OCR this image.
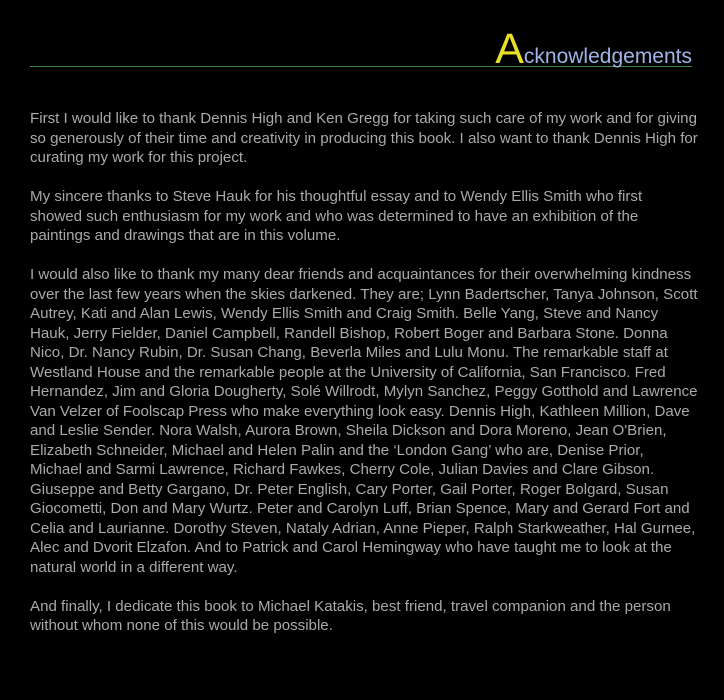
Acknowledgements

First I would like to thank Dennis High and Ken Gregg for taking such care of my work and for giving so generously of their time and creativity in producing this book. I also want to thank Dennis High for curating my work for this project.

My sincere thanks to Steve Hauk for his thoughtful essay and to Wendy Ellis Smith who first showed such enthusiasm for my work and who was determined to have an exhibition of the paintings and drawings that are in this volume.

I would also like to thank my many dear friends and acquaintances for their overwhelming kindness over the last few years when the skies darkened. They are; Lynn Badertscher, Tanya Johnson, Scott Autrey, Kati and Alan Lewis, Wendy Ellis Smith and Craig Smith. Belle Yang, Steve and Nancy Hauk, Jerry Fielder, Daniel Campbell, Randell Bishop, Robert Boger and Barbara Stone. Donna Nico, Dr. Nancy Rubin, Dr. Susan Chang, Beverla Miles and Lulu Monu. The remarkable staff at Westland House and the remarkable people at the University of California, San Francisco. Fred Hernandez, Jim and Gloria Dougherty, Solé Willrodt, Mylyn Sanchez, Peggy Gotthold and Lawrence Van Velzer of Foolscap Press who make everything look easy. Dennis High, Kathleen Million, Dave and Leslie Sender. Nora Walsh, Aurora Brown, Sheila Dickson and Dora Moreno, Jean O'Brien, Elizabeth Schneider, Michael and Helen Palin and the ‘London Gang’ who are, Denise Prior, Michael and Sarmi Lawrence, Richard Fawkes, Cherry Cole, Julian Davies and Clare Gibson. Giuseppe and Betty Gargano, Dr. Peter English, Cary Porter, Gail Porter, Roger Bolgard, Susan Giocometti, Don and Mary Wurtz. Peter and Carolyn Luff, Brian Spence, Mary and Gerard Fort and Celia and Laurianne. Dorothy Steven, Nataly Adrian, Anne Pieper, Ralph Starkweather, Hal Gurnee, Alec and Dvorit Elzafon. And to Patrick and Carol Hemingway who have taught me to look at the natural world in a different way.

And finally, I dedicate this book to Michael Katakis, best friend, travel companion and the person without whom none of this would be possible.
